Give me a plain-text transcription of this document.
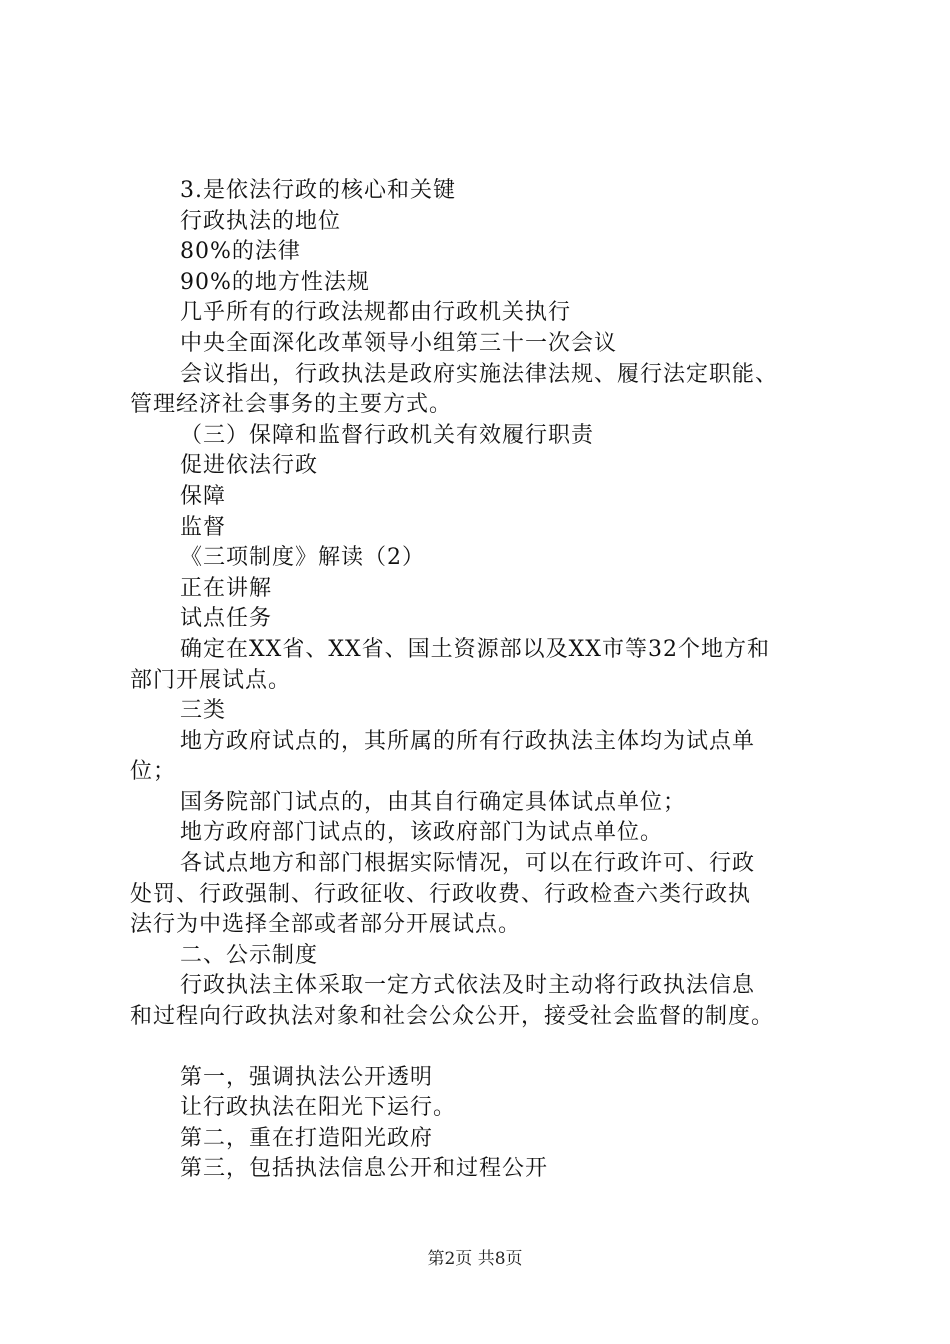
3.是依法行政的核心和关键
行政执法的地位
80%的法律
90%的地方性法规
几乎所有的行政法规都由行政机关执行
中央全面深化改革领导小组第三十一次会议
会议指出，行政执法是政府实施法律法规、履行法定职能、
管理经济社会事务的主要方式。
（三）保障和监督行政机关有效履行职责
促进依法行政
保障
监督
《三项制度》解读（2）
正在讲解
试点任务
确定在XX省、XX省、国土资源部以及XX市等32个地方和
部门开展试点。
三类
地方政府试点的，其所属的所有行政执法主体均为试点单
位；
国务院部门试点的，由其自行确定具体试点单位；
地方政府部门试点的，该政府部门为试点单位。
各试点地方和部门根据实际情况，可以在行政许可、行政
处罚、行政强制、行政征收、行政收费、行政检查六类行政执
法行为中选择全部或者部分开展试点。
二、公示制度
行政执法主体采取一定方式依法及时主动将行政执法信息
和过程向行政执法对象和社会公众公开，接受社会监督的制度。
第一，强调执法公开透明
让行政执法在阳光下运行。
第二，重在打造阳光政府
第三，包括执法信息公开和过程公开
第2页 共8页
